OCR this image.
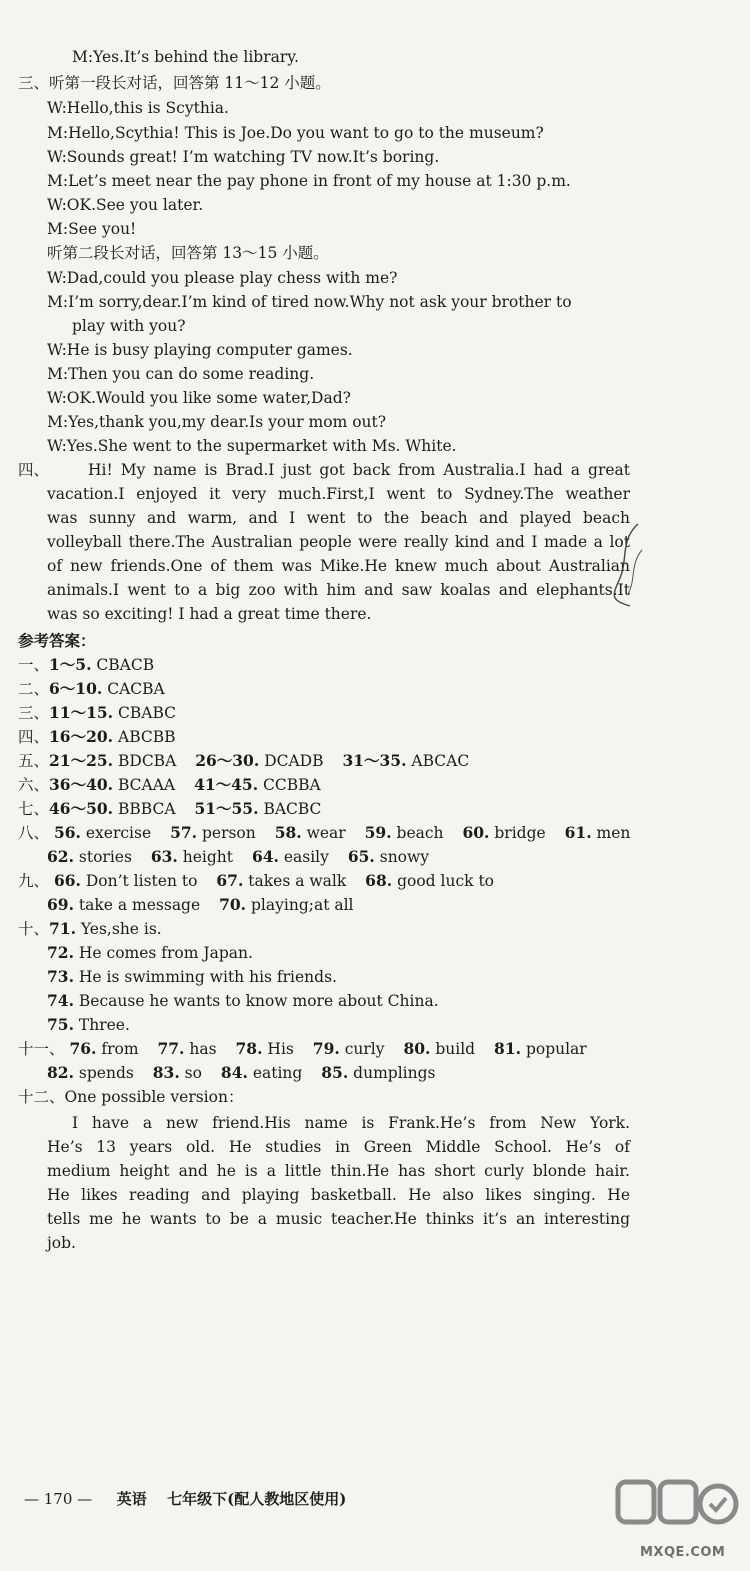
M:Yes.It’s behind the library.
三、听第一段长对话，回答第 11～12 小题。
W:Hello,this is Scythia.
M:Hello,Scythia! This is Joe.Do you want to go to the museum?
W:Sounds great! I’m watching TV now.It’s boring.
M:Let’s meet near the pay phone in front of my house at 1:30 p.m.
W:OK.See you later.
M:See you!
听第二段长对话，回答第 13～15 小题。
W:Dad,could you please play chess with me?
M:I’m sorry,dear.I’m kind of tired now.Why not ask your brother to
play with you?
W:He is busy playing computer games.
M:Then you can do some reading.
W:OK.Would you like some water,Dad?
M:Yes,thank you,my dear.Is your mom out?
W:Yes.She went to the supermarket with Ms. White.
四、	Hi! My name is Brad.I just got back from Australia.I had a great
vacation.I enjoyed it very much.First,I went to Sydney.The weather
was sunny and warm, and I went to the beach and played beach
volleyball there.The Australian people were really kind and I made a lot
of new friends.One of them was Mike.He knew much about Australian
animals.I went to a big zoo with him and saw koalas and elephants.It
was so exciting! I had a great time there.
参考答案：
一、1～5. CBACB
二、6～10. CACBA
三、11～15. CBABC
四、16～20. ABCBB
五、21～25. BDCBA 26～30. DCADB 31～35. ABCAC
六、36～40. BCAAA 41～45. CCBBA
七、46～50. BBBCA 51～55. BACBC
八、 56. exercise 57. person 58. wear 59. beach 60. bridge 61. men
62. stories 63. height 64. easily 65. snowy
九、 66. Don’t listen to 67. takes a walk 68. good luck to
69. take a message 70. playing;at all
十、71. Yes,she is.
72. He comes from Japan.
73. He is swimming with his friends.
74. Because he wants to know more about China.
75. Three.
十一、 76. from 77. has 78. His 79. curly 80. build 81. popular
82. spends 83. so 84. eating 85. dumplings
十二、One possible version：
I have a new friend.His name is Frank.He’s from New York.
He’s 13 years old. He studies in Green Middle School. He’s of
medium height and he is a little thin.He has short curly blonde hair.
He likes reading and playing basketball. He also likes singing. He
tells me he wants to be a music teacher.He thinks it’s an interesting
job.
— 170 — 英语 七年级下(配人教地区使用)
MXQE.COM
